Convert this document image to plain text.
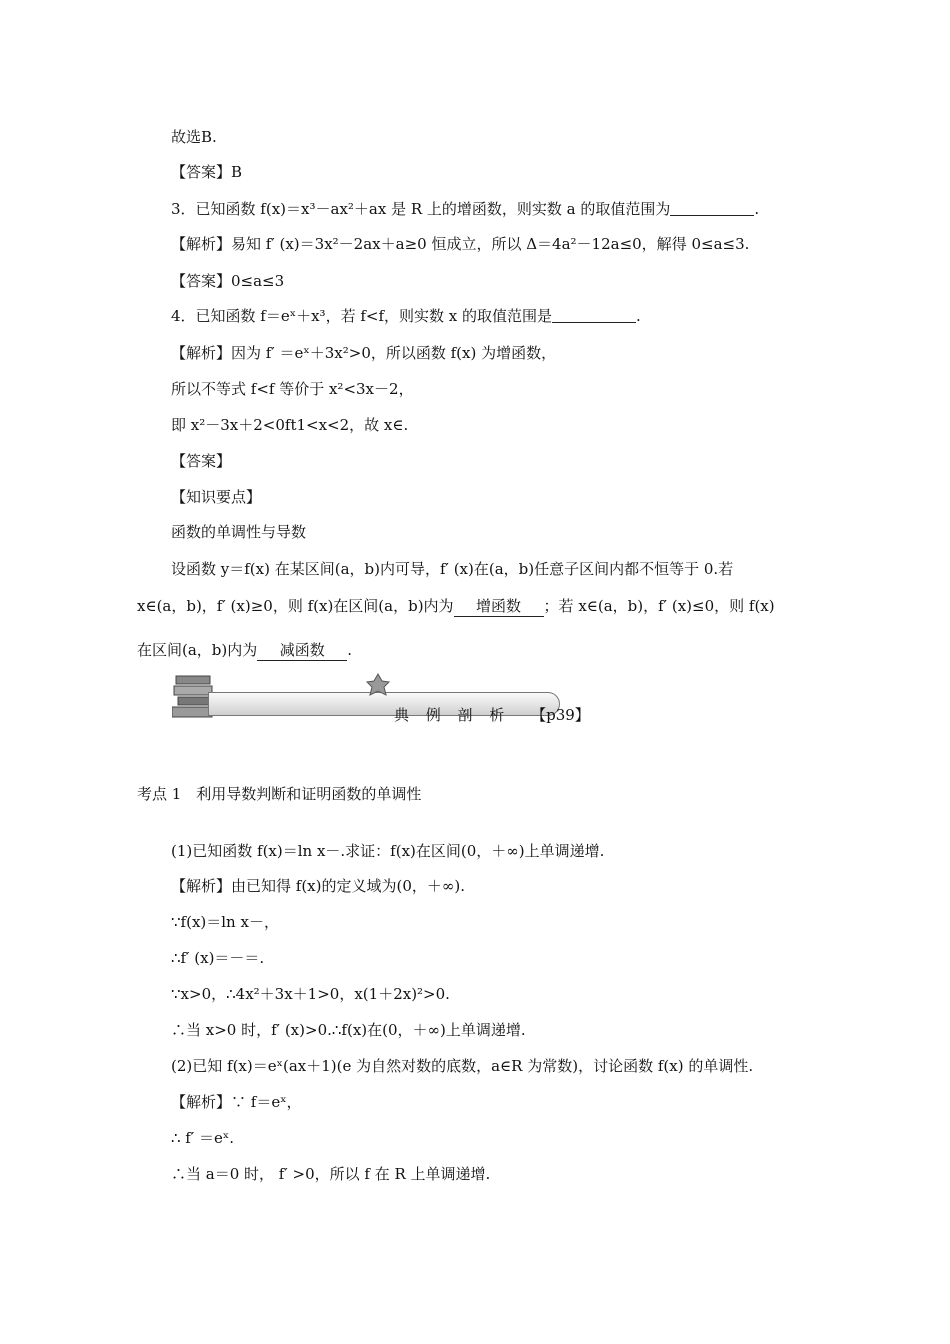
故选B.
【答案】B
3．已知函数 f(x)＝x³－ax²＋ax 是 R 上的增函数，则实数 a 的取值范围为	.
【解析】易知 f′ (x)＝3x²－2ax＋a≥0 恒成立，所以 Δ＝4a²－12a≤0，解得 0≤a≤3.
【答案】0≤a≤3
4．已知函数 f＝eˣ＋x³，若 f<f，则实数 x 的取值范围是	.
【解析】因为 f′ ＝eˣ＋3x²>0，所以函数 f(x) 为增函数，
所以不等式 f<f 等价于 x²<3x－2，
即 x²－3x＋2<0ft1<x<2，故 x∈.
【答案】
【知识要点】
函数的单调性与导数
设函数 y＝f(x) 在某区间(a，b)内可导，f′ (x)在(a，b)任意子区间内都不恒等于 0.若
x∈(a，b)，f′ (x)≥0，则 f(x)在区间(a，b)内为 增函数 ；若 x∈(a，b)，f′ (x)≤0，则 f(x)
在区间(a，b)内为 减函数 .
典 例 剖 析 【p39】
考点 1　利用导数判断和证明函数的单调性
(1)已知函数 f(x)＝ln x－.求证：f(x)在区间(0，＋∞)上单调递增.
【解析】由已知得 f(x)的定义域为(0，＋∞).
∵f(x)＝ln x－，
∴f′ (x)＝－＝.
∵x>0，∴4x²＋3x＋1>0，x(1＋2x)²>0.
∴当 x>0 时，f′ (x)>0.∴f(x)在(0，＋∞)上单调递增.
(2)已知 f(x)＝eˣ(ax＋1)(e 为自然对数的底数，a∈R 为常数)，讨论函数 f(x) 的单调性.
【解析】∵ f＝eˣ，
∴ f′ ＝eˣ.
∴当 a＝0 时， f′ >0，所以 f 在 R 上单调递增.
